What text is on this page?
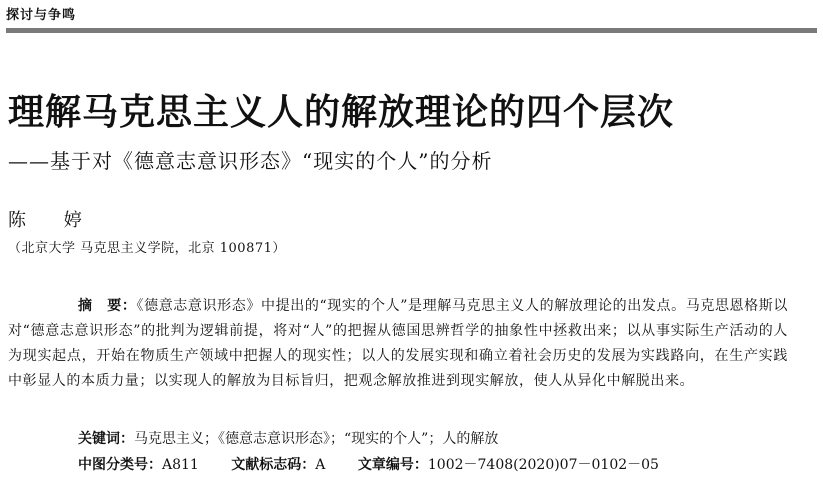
探讨与争鸣
理解马克思主义人的解放理论的四个层次
——基于对《德意志意识形态》“现实的个人”的分析
陈 婷
（北京大学 马克思主义学院，北京 100871）
摘　要：《德意志意识形态》中提出的“现实的个人”是理解马克思主义人的解放理论的出发点。马克思恩格斯以对“德意志意识形态”的批判为逻辑前提，将对“人”的把握从德国思辨哲学的抽象性中拯救出来；以从事实际生产活动的人为现实起点，开始在物质生产领域中把握人的现实性；以人的发展实现和确立着社会历史的发展为实践路向，在生产实践中彰显人的本质力量；以实现人的解放为目标旨归，把观念解放推进到现实解放，使人从异化中解脱出来。
关键词：马克思主义；《德意志意识形态》；“现实的个人”；人的解放
中图分类号：A811 文献标志码：A 文章编号：1002－7408(2020)07－0102－05
